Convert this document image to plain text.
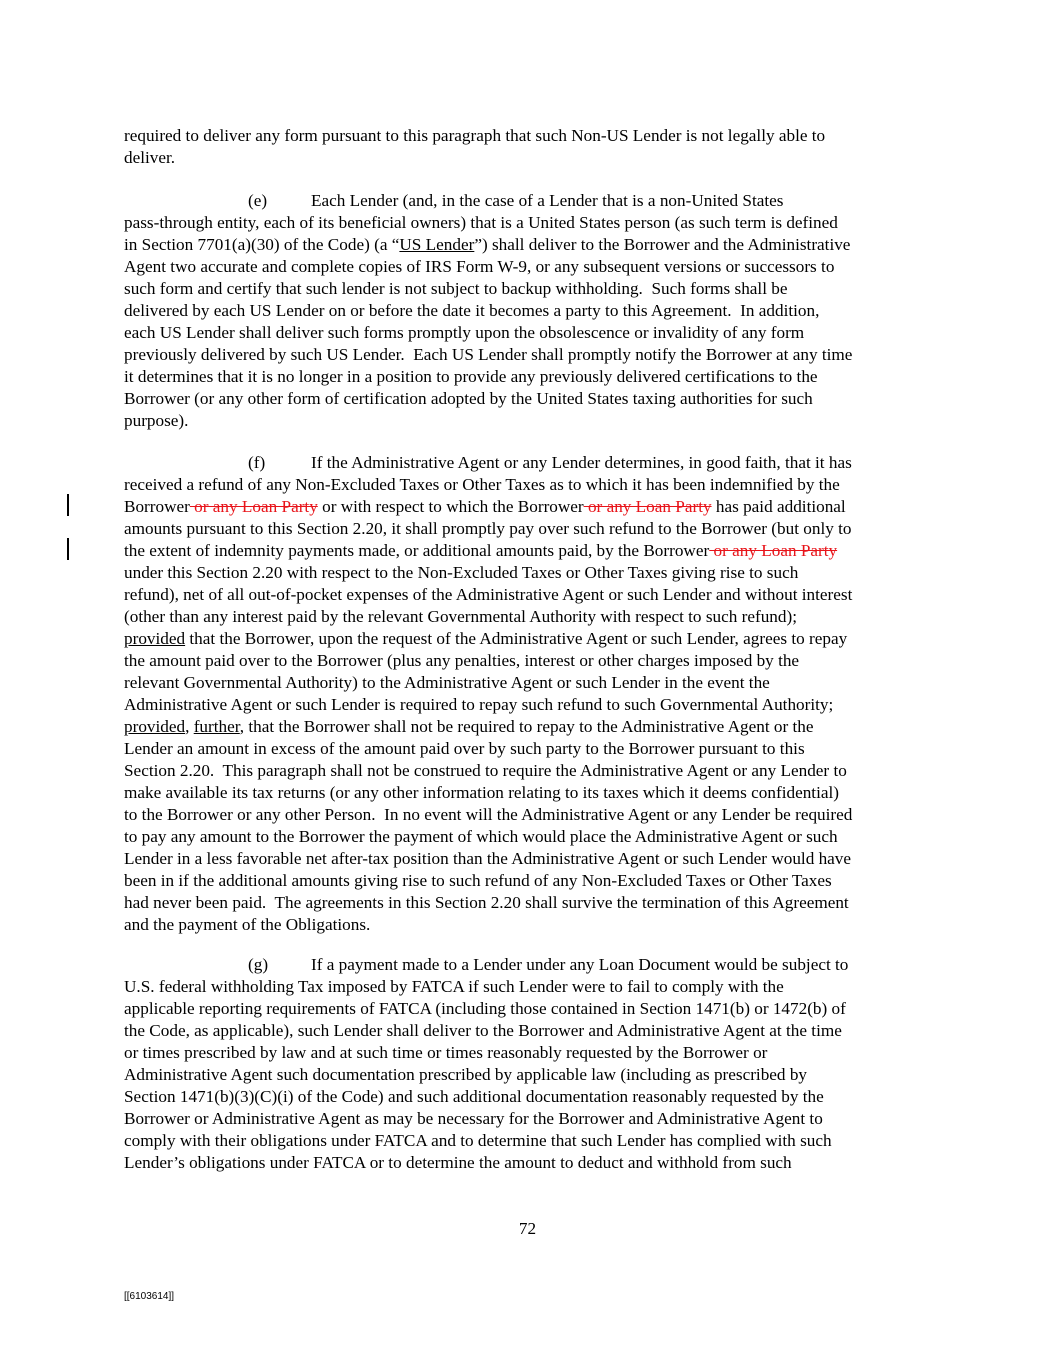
required to deliver any form pursuant to this paragraph that such Non-US Lender is not legally able to
deliver.
(e)	Each Lender (and, in the case of a Lender that is a non-United States
pass-through entity, each of its beneficial owners) that is a United States person (as such term is defined
in Section 7701(a)(30) of the Code) (a “US Lender”) shall deliver to the Borrower and the Administrative
Agent two accurate and complete copies of IRS Form W-9, or any subsequent versions or successors to
such form and certify that such lender is not subject to backup withholding.  Such forms shall be
delivered by each US Lender on or before the date it becomes a party to this Agreement.  In addition,
each US Lender shall deliver such forms promptly upon the obsolescence or invalidity of any form
previously delivered by such US Lender.  Each US Lender shall promptly notify the Borrower at any time
it determines that it is no longer in a position to provide any previously delivered certifications to the
Borrower (or any other form of certification adopted by the United States taxing authorities for such
purpose).
(f)	If the Administrative Agent or any Lender determines, in good faith, that it has
received a refund of any Non-Excluded Taxes or Other Taxes as to which it has been indemnified by the
Borrower or any Loan Party or with respect to which the Borrower or any Loan Party has paid additional
amounts pursuant to this Section 2.20, it shall promptly pay over such refund to the Borrower (but only to
the extent of indemnity payments made, or additional amounts paid, by the Borrower or any Loan Party
under this Section 2.20 with respect to the Non-Excluded Taxes or Other Taxes giving rise to such
refund), net of all out-of-pocket expenses of the Administrative Agent or such Lender and without interest
(other than any interest paid by the relevant Governmental Authority with respect to such refund);
provided that the Borrower, upon the request of the Administrative Agent or such Lender, agrees to repay
the amount paid over to the Borrower (plus any penalties, interest or other charges imposed by the
relevant Governmental Authority) to the Administrative Agent or such Lender in the event the
Administrative Agent or such Lender is required to repay such refund to such Governmental Authority;
provided, further, that the Borrower shall not be required to repay to the Administrative Agent or the
Lender an amount in excess of the amount paid over by such party to the Borrower pursuant to this
Section 2.20.  This paragraph shall not be construed to require the Administrative Agent or any Lender to
make available its tax returns (or any other information relating to its taxes which it deems confidential)
to the Borrower or any other Person.  In no event will the Administrative Agent or any Lender be required
to pay any amount to the Borrower the payment of which would place the Administrative Agent or such
Lender in a less favorable net after-tax position than the Administrative Agent or such Lender would have
been in if the additional amounts giving rise to such refund of any Non-Excluded Taxes or Other Taxes
had never been paid.  The agreements in this Section 2.20 shall survive the termination of this Agreement
and the payment of the Obligations.
(g) If a payment made to a Lender under any Loan Document would be subject to
U.S. federal withholding Tax imposed by FATCA if such Lender were to fail to comply with the
applicable reporting requirements of FATCA (including those contained in Section 1471(b) or 1472(b) of
the Code, as applicable), such Lender shall deliver to the Borrower and Administrative Agent at the time
or times prescribed by law and at such time or times reasonably requested by the Borrower or
Administrative Agent such documentation prescribed by applicable law (including as prescribed by
Section 1471(b)(3)(C)(i) of the Code) and such additional documentation reasonably requested by the
Borrower or Administrative Agent as may be necessary for the Borrower and Administrative Agent to
comply with their obligations under FATCA and to determine that such Lender has complied with such
Lender’s obligations under FATCA or to determine the amount to deduct and withhold from such
72
[[6103614]]
